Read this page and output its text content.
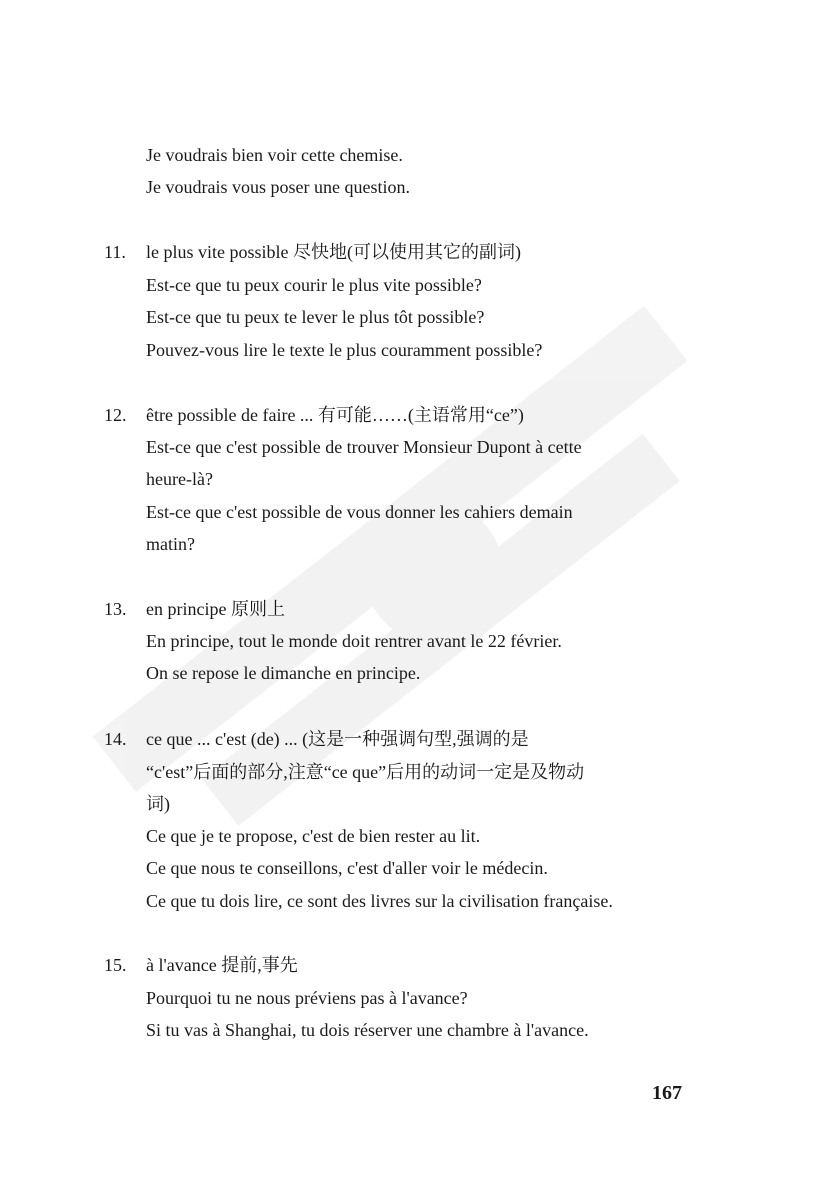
Je voudrais bien voir cette chemise.
Je voudrais vous poser une question.
11. le plus vite possible 尽快地(可以使用其它的副词)
Est-ce que tu peux courir le plus vite possible?
Est-ce que tu peux te lever le plus tôt possible?
Pouvez-vous lire le texte le plus couramment possible?
12. être possible de faire ... 有可能……(主语常用“ce”)
Est-ce que c'est possible de trouver Monsieur Dupont à cette
heure-là?
Est-ce que c'est possible de vous donner les cahiers demain
matin?
13. en principe 原则上
En principe, tout le monde doit rentrer avant le 22 février.
On se repose le dimanche en principe.
14. ce que ... c'est (de) ... (这是一种强调句型,强调的是
“c'est”后面的部分,注意“ce que”后用的动词一定是及物动
词)
Ce que je te propose, c'est de bien rester au lit.
Ce que nous te conseillons, c'est d'aller voir le médecin.
Ce que tu dois lire, ce sont des livres sur la civilisation française.
15. à l'avance 提前,事先
Pourquoi tu ne nous préviens pas à l'avance?
Si tu vas à Shanghai, tu dois réserver une chambre à l'avance.
167
